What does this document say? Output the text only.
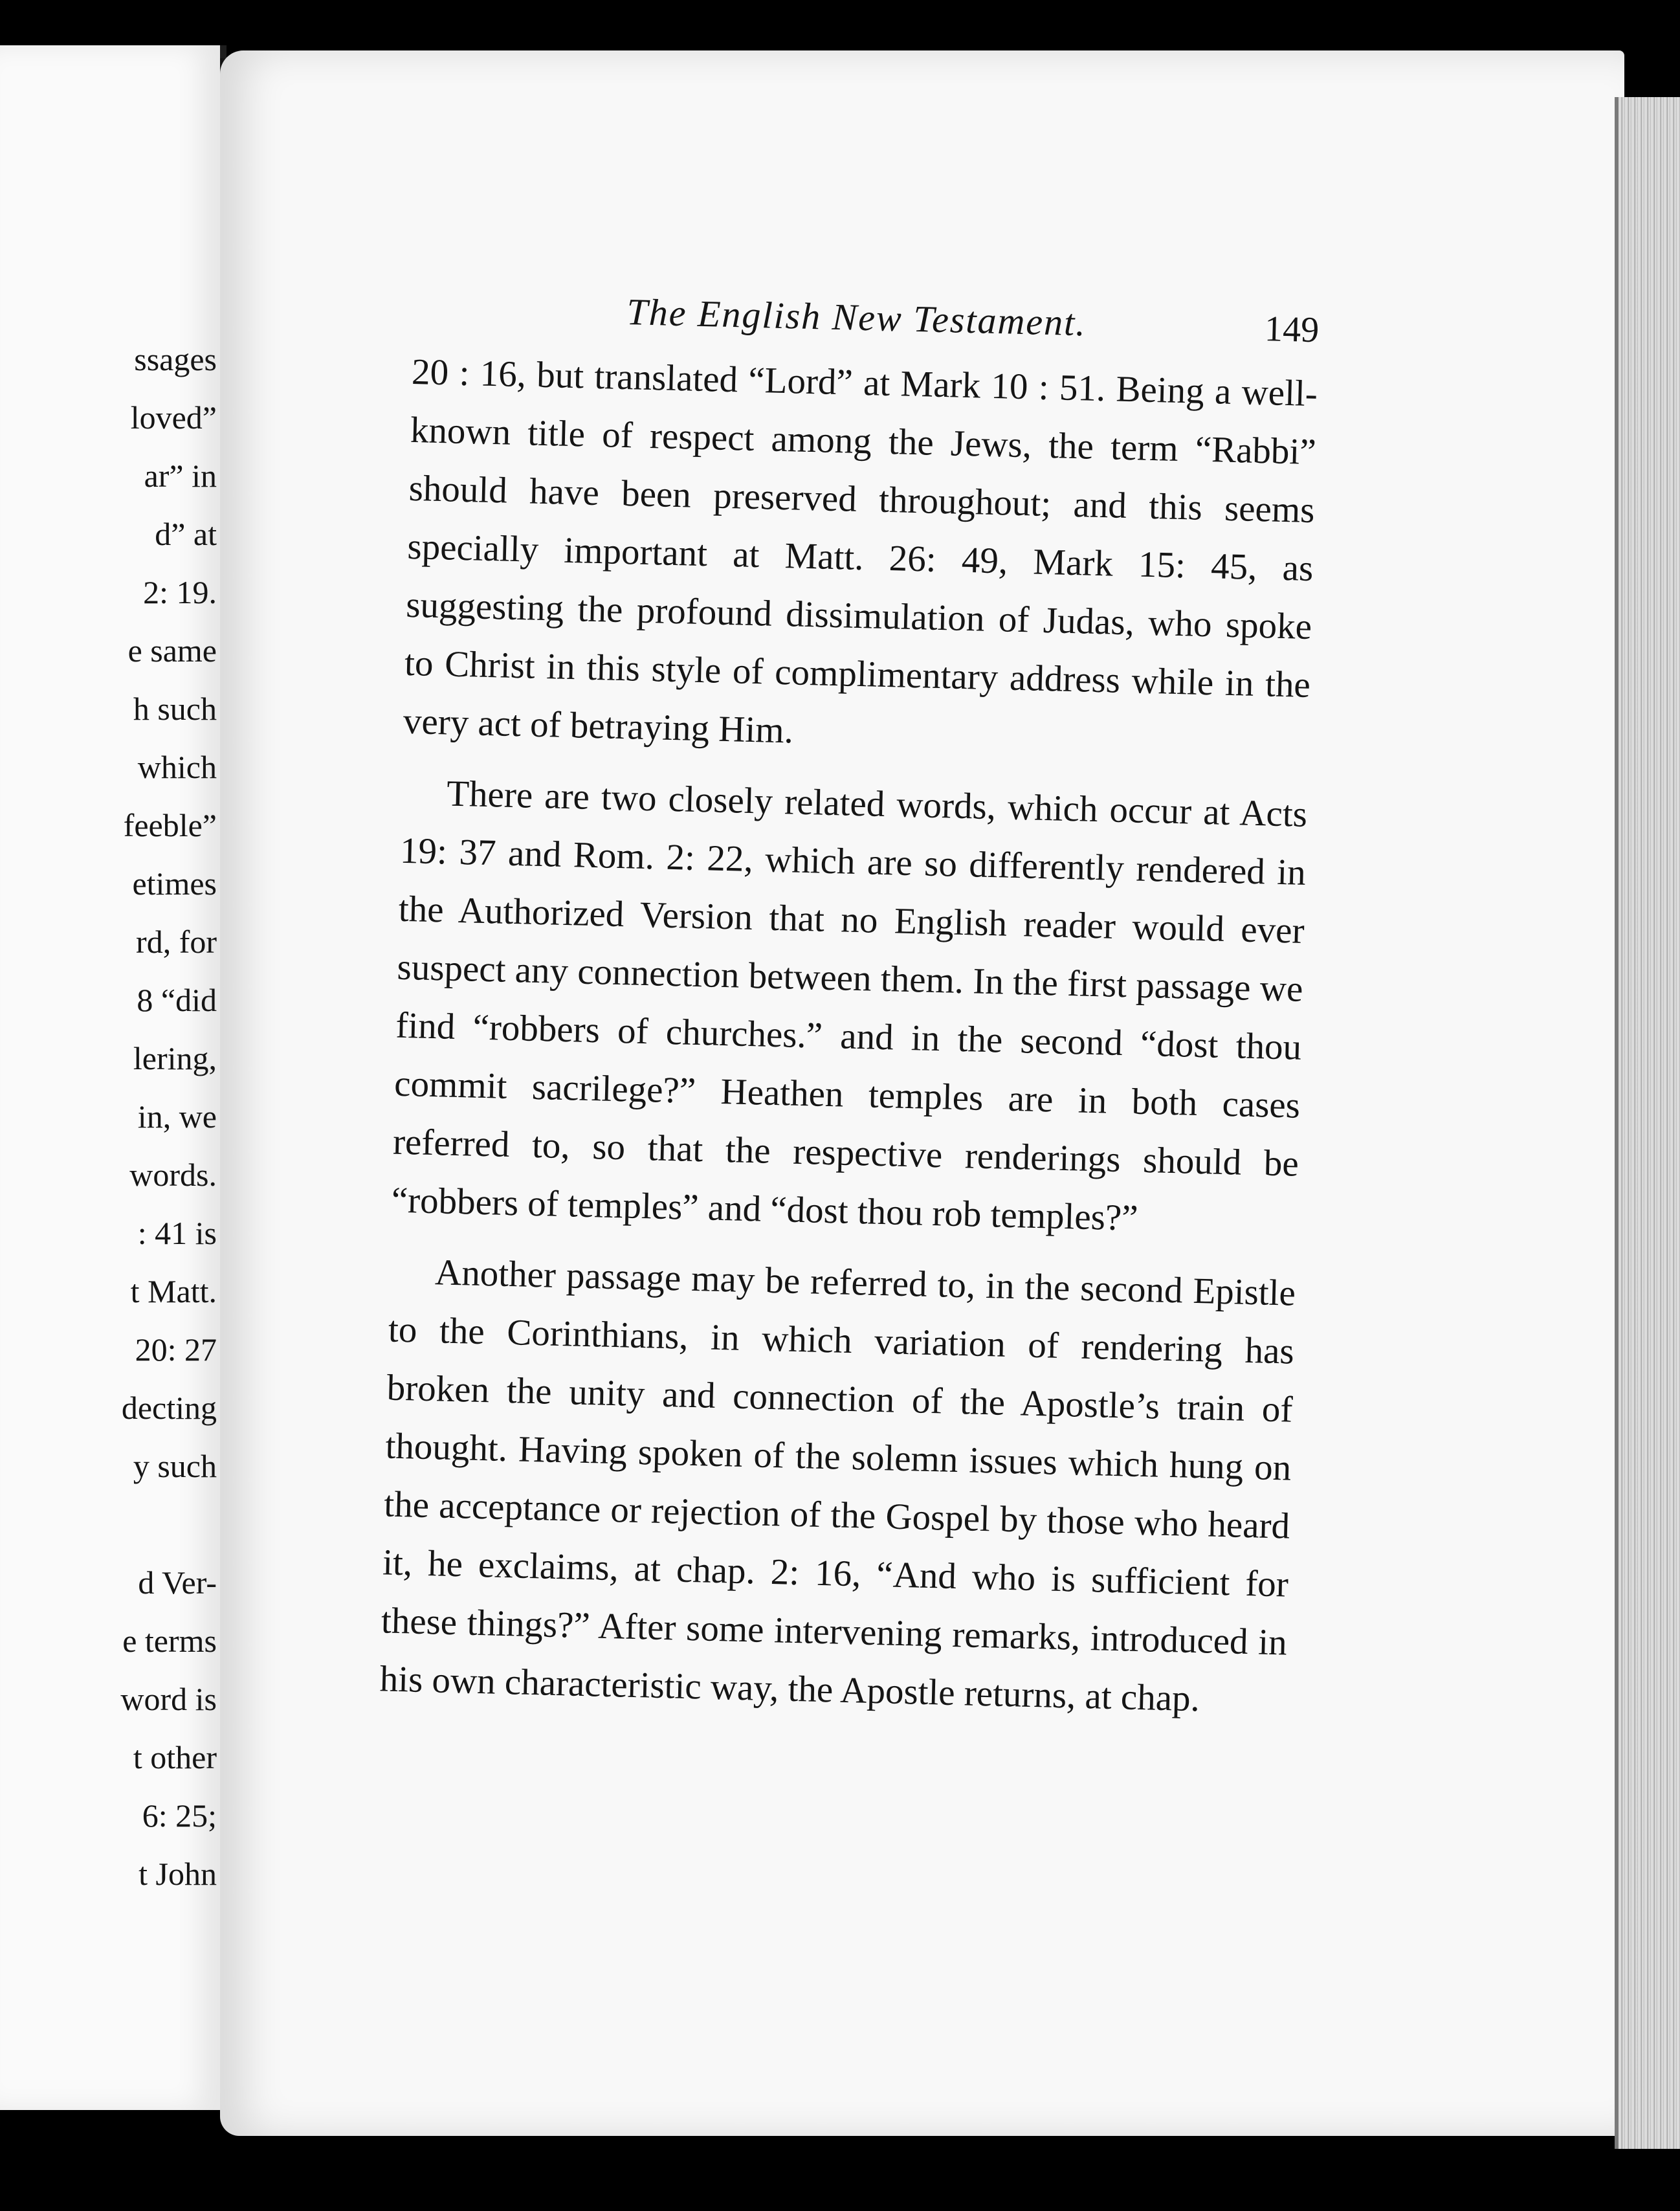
ssages
loved”
ar” in
d” at
2: 19.
e same
h such
which
feeble”
etimes
rd, for
8 “did
lering,
in, we
words.
: 41 is
t Matt.
20: 27
decting
y such
d Ver-
e terms
word is
t other
6: 25;
t John
The English New Testament.	149

20 : 16, but translated “Lord” at Mark 10 : 51. Being a well-known title of respect among the Jews, the term “Rabbi” should have been preserved throughout; and this seems specially important at Matt. 26: 49, Mark 15: 45, as suggesting the profound dissimulation of Judas, who spoke to Christ in this style of complimentary address while in the very act of betraying Him.

There are two closely related words, which occur at Acts 19: 37 and Rom. 2: 22, which are so differently rendered in the Authorized Version that no English reader would ever suspect any connection between them. In the first passage we find “robbers of churches.” and in the second “dost thou commit sacrilege?” Heathen temples are in both cases referred to, so that the respective renderings should be “robbers of temples” and “dost thou rob temples?”

Another passage may be referred to, in the second Epistle to the Corinthians, in which variation of rendering has broken the unity and connection of the Apostle’s train of thought. Having spoken of the solemn issues which hung on the acceptance or rejection of the Gospel by those who heard it, he exclaims, at chap. 2: 16, “And who is sufficient for these things?” After some intervening remarks, introduced in his own characteristic way, the Apostle returns, at chap.
